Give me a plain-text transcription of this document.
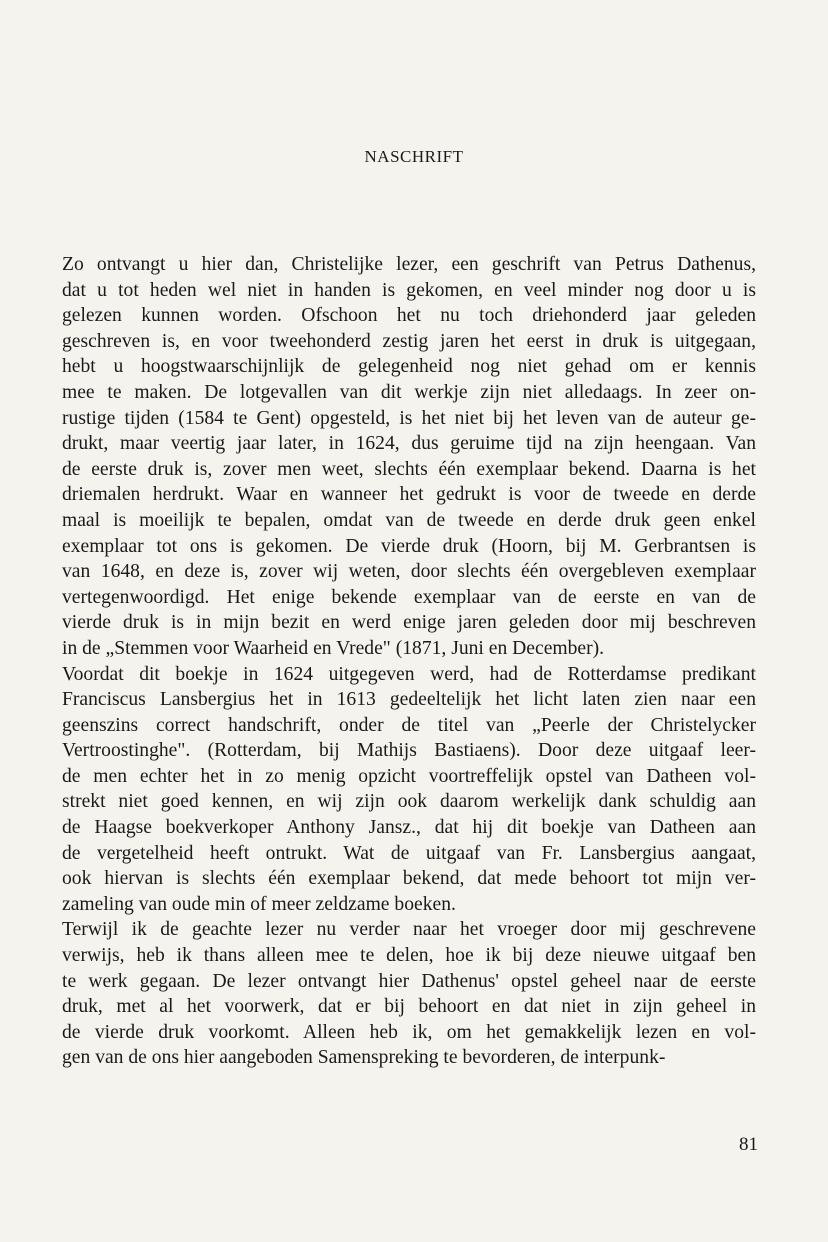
NASCHRIFT
Zo ontvangt u hier dan, Christelijke lezer, een geschrift van Petrus Dathenus,
dat u tot heden wel niet in handen is gekomen, en veel minder nog door u is
gelezen kunnen worden. Ofschoon het nu toch driehonderd jaar geleden
geschreven is, en voor tweehonderd zestig jaren het eerst in druk is uitgegaan,
hebt u hoogstwaarschijnlijk de gelegenheid nog niet gehad om er kennis
mee te maken. De lotgevallen van dit werkje zijn niet alledaags. In zeer on-
rustige tijden (1584 te Gent) opgesteld, is het niet bij het leven van de auteur ge-
drukt, maar veertig jaar later, in 1624, dus geruime tijd na zijn heengaan. Van
de eerste druk is, zover men weet, slechts één exemplaar bekend. Daarna is het
driemalen herdrukt. Waar en wanneer het gedrukt is voor de tweede en derde
maal is moeilijk te bepalen, omdat van de tweede en derde druk geen enkel
exemplaar tot ons is gekomen. De vierde druk (Hoorn, bij M. Gerbrantsen is
van 1648, en deze is, zover wij weten, door slechts één overgebleven exemplaar
vertegenwoordigd. Het enige bekende exemplaar van de eerste en van de
vierde druk is in mijn bezit en werd enige jaren geleden door mij beschreven
in de „Stemmen voor Waarheid en Vrede" (1871, Juni en December).
Voordat dit boekje in 1624 uitgegeven werd, had de Rotterdamse predikant
Franciscus Lansbergius het in 1613 gedeeltelijk het licht laten zien naar een
geenszins correct handschrift, onder de titel van „Peerle der Christelycker
Vertroostinghe". (Rotterdam, bij Mathijs Bastiaens). Door deze uitgaaf leer-
de men echter het in zo menig opzicht voortreffelijk opstel van Datheen vol-
strekt niet goed kennen, en wij zijn ook daarom werkelijk dank schuldig aan
de Haagse boekverkoper Anthony Jansz., dat hij dit boekje van Datheen aan
de vergetelheid heeft ontrukt. Wat de uitgaaf van Fr. Lansbergius aangaat,
ook hiervan is slechts één exemplaar bekend, dat mede behoort tot mijn ver-
zameling van oude min of meer zeldzame boeken.
Terwijl ik de geachte lezer nu verder naar het vroeger door mij geschrevene
verwijs, heb ik thans alleen mee te delen, hoe ik bij deze nieuwe uitgaaf ben
te werk gegaan. De lezer ontvangt hier Dathenus' opstel geheel naar de eerste
druk, met al het voorwerk, dat er bij behoort en dat niet in zijn geheel in
de vierde druk voorkomt. Alleen heb ik, om het gemakkelijk lezen en vol-
gen van de ons hier aangeboden Samenspreking te bevorderen, de interpunk-
81
